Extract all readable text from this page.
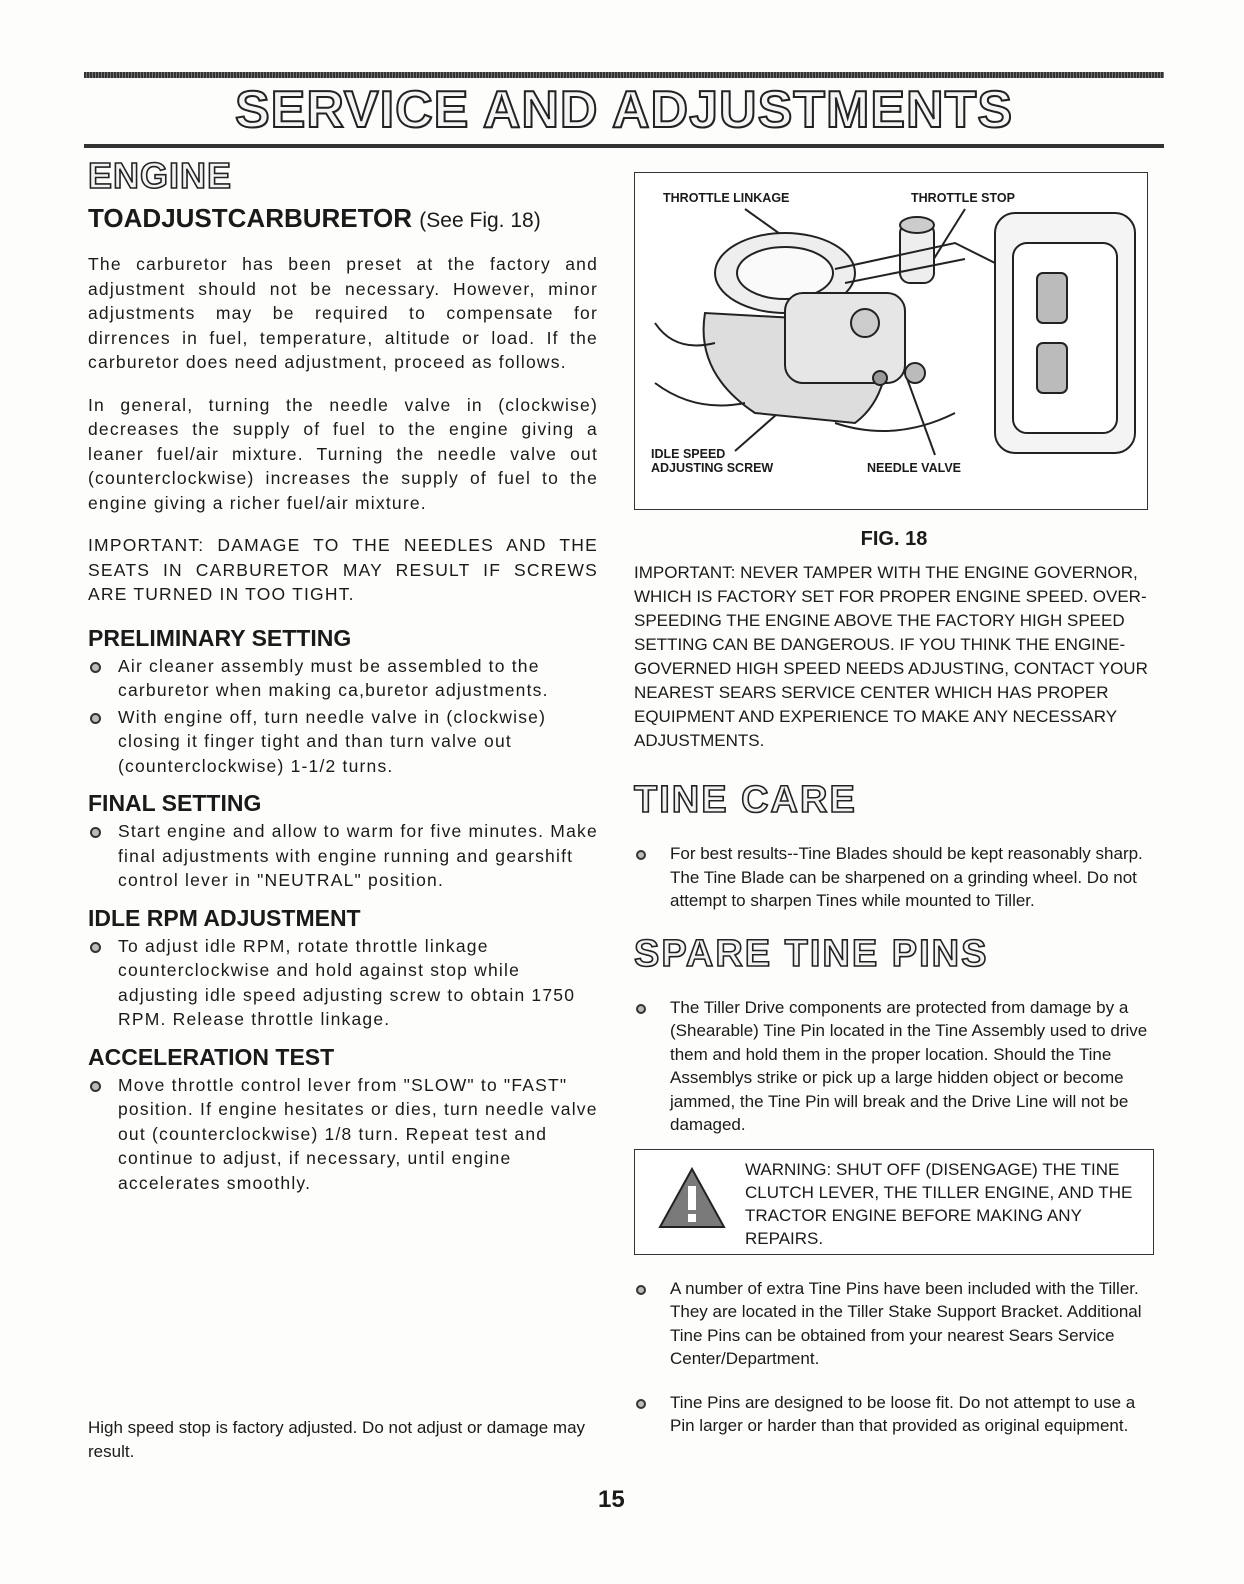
SERVICE AND ADJUSTMENTS
ENGINE
TOADJUSTCARBURETOR (See Fig. 18)

The carburetor has been preset at the factory and adjustment should not be necessary. However, minor adjustments may be required to compensate for dirrences in fuel, temperature, altitude or load. If the carburetor does need adjustment, proceed as follows.

In general, turning the needle valve in (clockwise) decreases the supply of fuel to the engine giving a leaner fuel/air mixture. Turning the needle valve out (counterclockwise) increases the supply of fuel to the engine giving a richer fuel/air mixture.

IMPORTANT: DAMAGE TO THE NEEDLES AND THE SEATS IN CARBURETOR MAY RESULT IF SCREWS ARE TURNED IN TOO TIGHT.

PRELIMINARY SETTING
Air cleaner assembly must be assembled to the carburetor when making ca,buretor adjustments.
With engine off, turn needle valve in (clockwise) closing it finger tight and than turn valve out (counterclockwise) 1-1/2 turns.
FINAL SETTING
Start engine and allow to warm for five minutes. Make final adjustments with engine running and gearshift control lever in "NEUTRAL" position.
IDLE RPM ADJUSTMENT
To adjust idle RPM, rotate throttle linkage counterclockwise and hold against stop while adjusting idle speed adjusting screw to obtain 1750 RPM. Release throttle linkage.
ACCELERATION TEST
Move throttle control lever from "SLOW" to "FAST" position. If engine hesitates or dies, turn needle valve out (counterclockwise) 1/8 turn. Repeat test and continue to adjust, if necessary, until engine accelerates smoothly.
High speed stop is factory adjusted. Do not adjust or damage may result.
THROTTLE LINKAGE	THROTTLE STOP
IDLE SPEED
ADJUSTING SCREW	NEEDLE VALVE
FIG. 18

IMPORTANT: NEVER TAMPER WITH THE ENGINE GOVERNOR, WHICH IS FACTORY SET FOR PROPER ENGINE SPEED. OVER-SPEEDING THE ENGINE ABOVE THE FACTORY HIGH SPEED SETTING CAN BE DANGEROUS. IF YOU THINK THE ENGINE-GOVERNED HIGH SPEED NEEDS ADJUSTING, CONTACT YOUR NEAREST SEARS SERVICE CENTER WHICH HAS PROPER EQUIPMENT AND EXPERIENCE TO MAKE ANY NECESSARY ADJUSTMENTS.

TINE CARE
For best results--Tine Blades should be kept reasonably sharp. The Tine Blade can be sharpened on a grinding wheel. Do not attempt to sharpen Tines while mounted to Tiller.
SPARE TINE PINS
The Tiller Drive components are protected from damage by a (Shearable) Tine Pin located in the Tine Assembly used to drive them and hold them in the proper location. Should the Tine Assemblys strike or pick up a large hidden object or become jammed, the Tine Pin will break and the Drive Line will not be damaged.
WARNING: SHUT OFF (DISENGAGE) THE TINE CLUTCH LEVER, THE TILLER ENGINE, AND THE TRACTOR ENGINE BEFORE MAKING ANY REPAIRS.
A number of extra Tine Pins have been included with the Tiller. They are located in the Tiller Stake Support Bracket. Additional Tine Pins can be obtained from your nearest Sears Service Center/Department.
Tine Pins are designed to be loose fit. Do not attempt to use a Pin larger or harder than that provided as original equipment.
15
